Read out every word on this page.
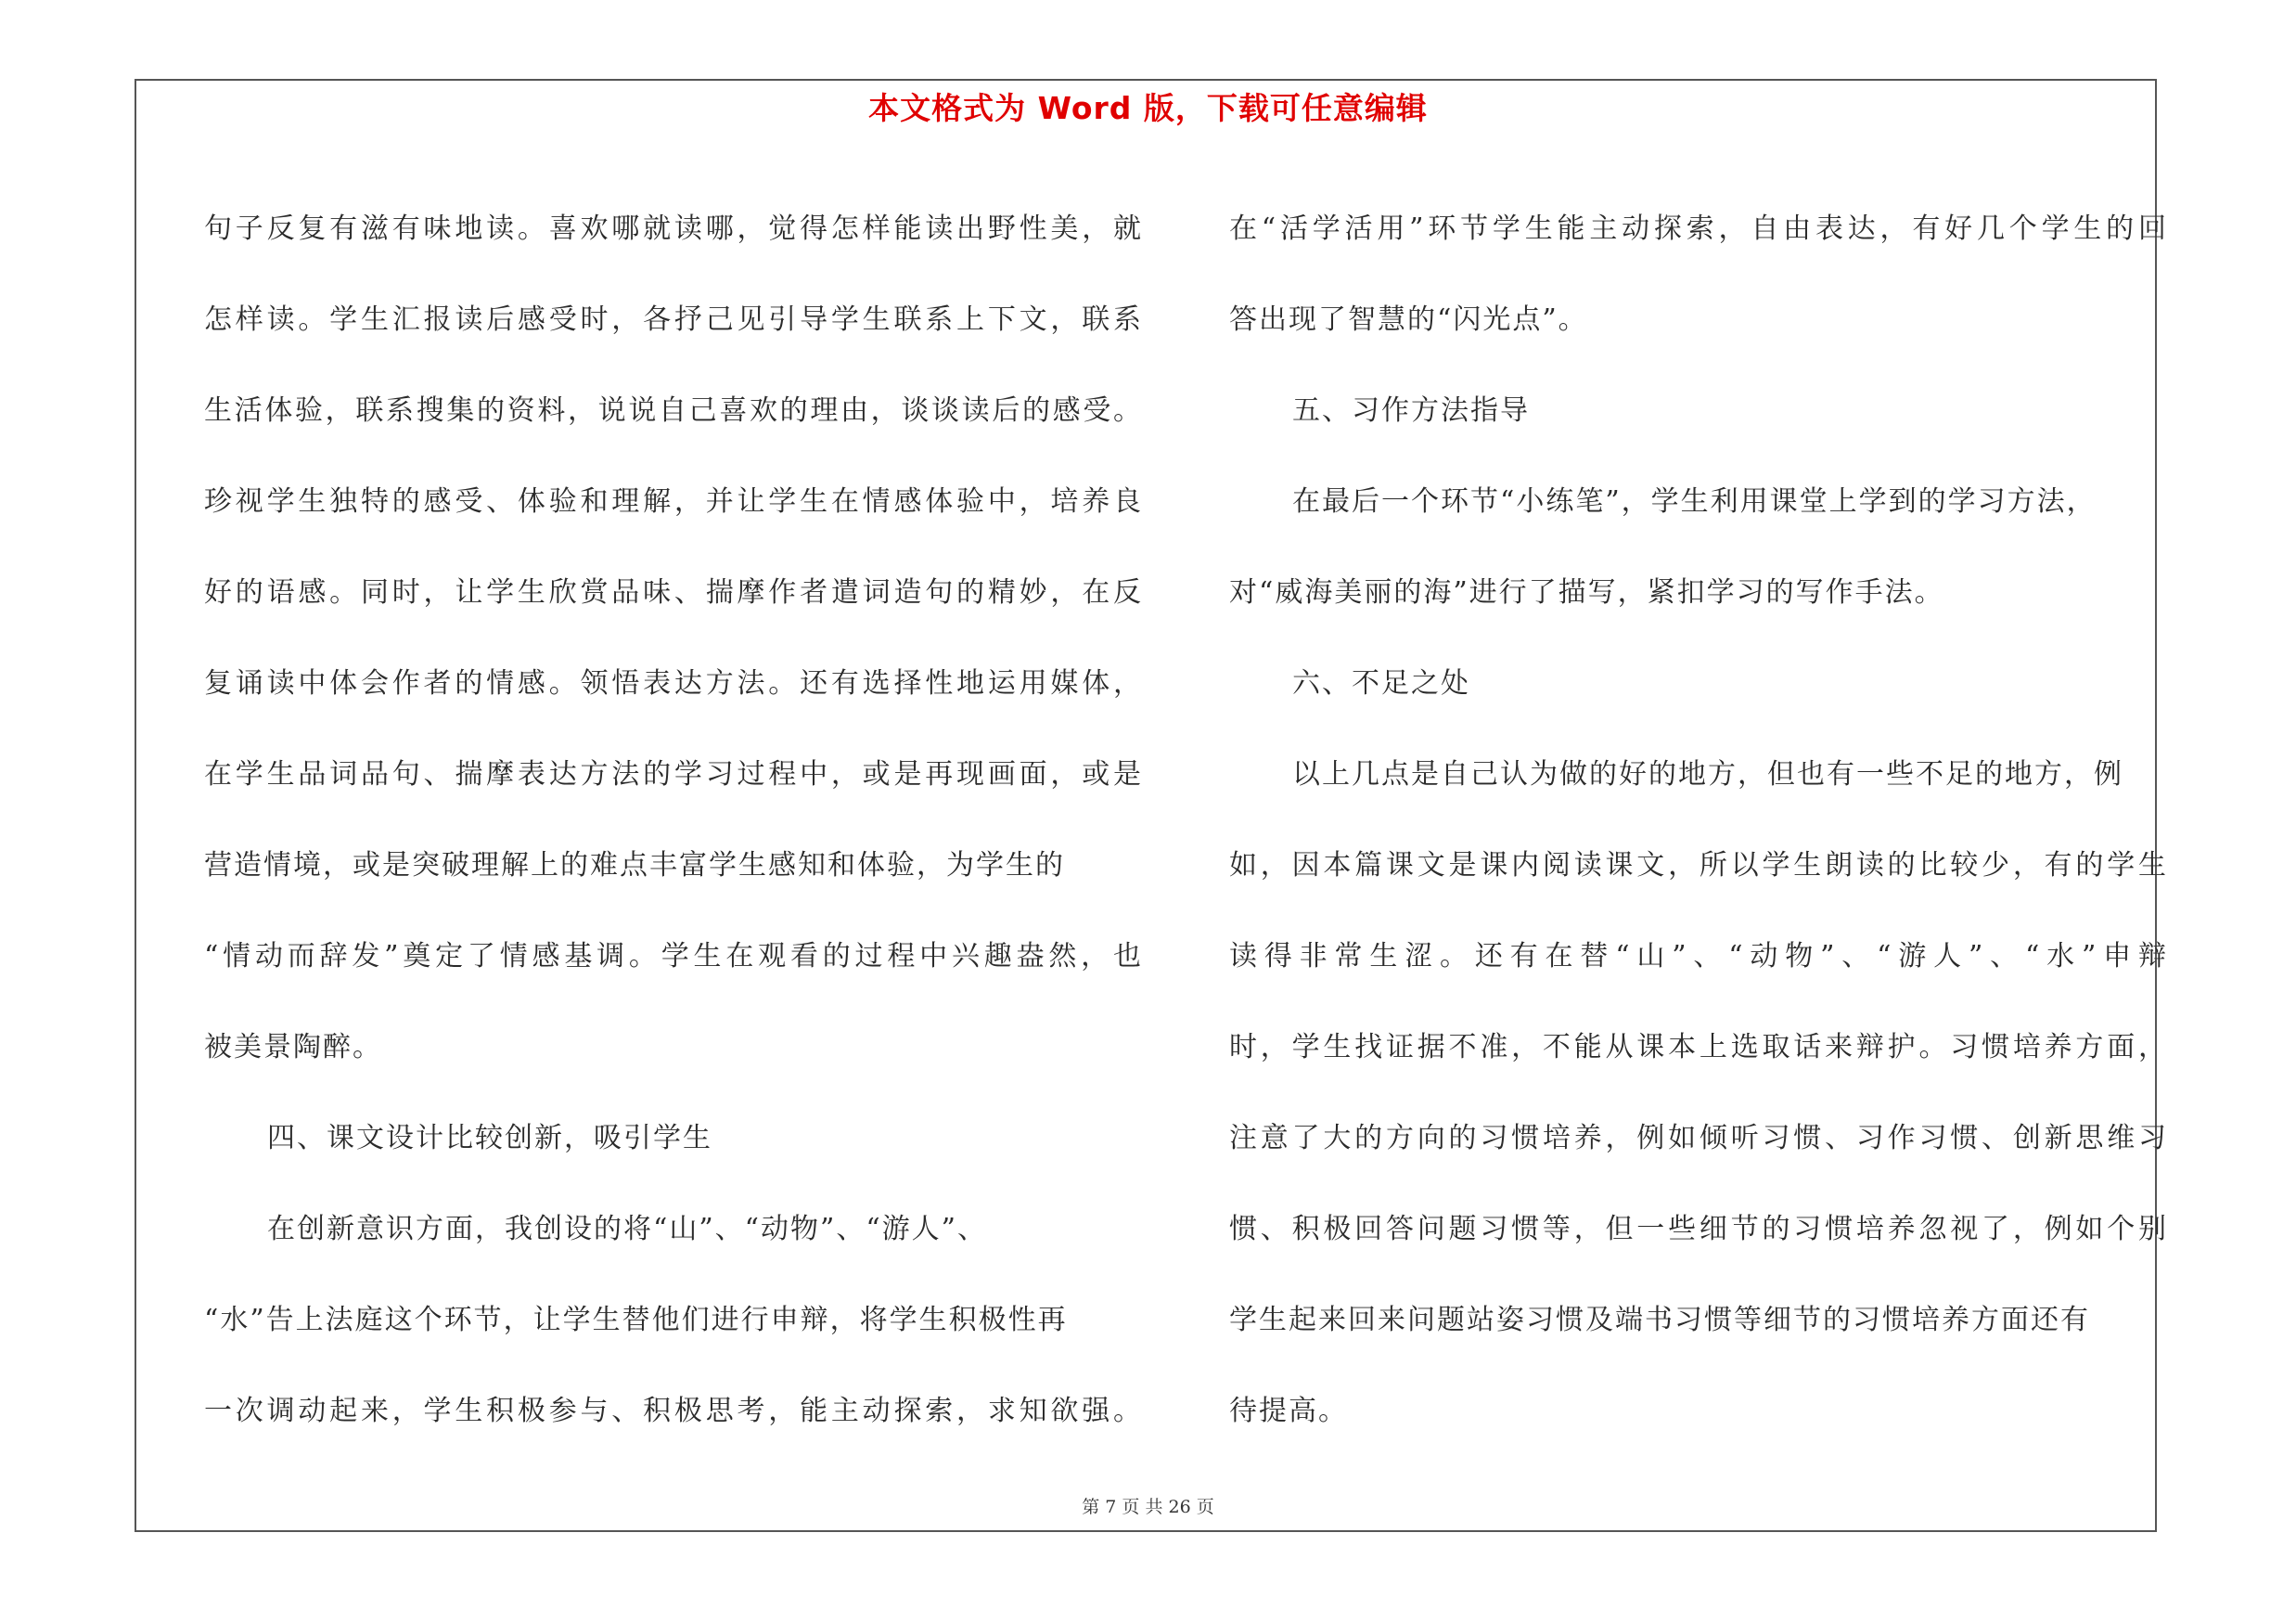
本文格式为 Word 版，下载可任意编辑
句子反复有滋有味地读。喜欢哪就读哪，觉得怎样能读出野性美，就
怎样读。学生汇报读后感受时，各抒己见引导学生联系上下文，联系
生活体验，联系搜集的资料，说说自己喜欢的理由，谈谈读后的感受。
珍视学生独特的感受、体验和理解，并让学生在情感体验中，培养良
好的语感。同时，让学生欣赏品味、揣摩作者遣词造句的精妙，在反
复诵读中体会作者的情感。领悟表达方法。还有选择性地运用媒体，
在学生品词品句、揣摩表达方法的学习过程中，或是再现画面，或是
营造情境，或是突破理解上的难点丰富学生感知和体验，为学生的
“情动而辞发”奠定了情感基调。学生在观看的过程中兴趣盎然，也
被美景陶醉。
四、课文设计比较创新，吸引学生
在创新意识方面，我创设的将“山”、“动物”、“游人”、
“水”告上法庭这个环节，让学生替他们进行申辩，将学生积极性再
一次调动起来，学生积极参与、积极思考，能主动探索，求知欲强。
在“活学活用”环节学生能主动探索，自由表达，有好几个学生的回
答出现了智慧的“闪光点”。
五、习作方法指导
在最后一个环节“小练笔”，学生利用课堂上学到的学习方法，
对“威海美丽的海”进行了描写，紧扣学习的写作手法。
六、不足之处
以上几点是自己认为做的好的地方，但也有一些不足的地方，例
如，因本篇课文是课内阅读课文，所以学生朗读的比较少，有的学生
读得非常生涩。还有在替“山”、“动物”、“游人”、“水”申辩
时，学生找证据不准，不能从课本上选取话来辩护。习惯培养方面，
注意了大的方向的习惯培养，例如倾听习惯、习作习惯、创新思维习
惯、积极回答问题习惯等，但一些细节的习惯培养忽视了，例如个别
学生起来回来问题站姿习惯及端书习惯等细节的习惯培养方面还有
待提高。
第 7 页 共 26 页
